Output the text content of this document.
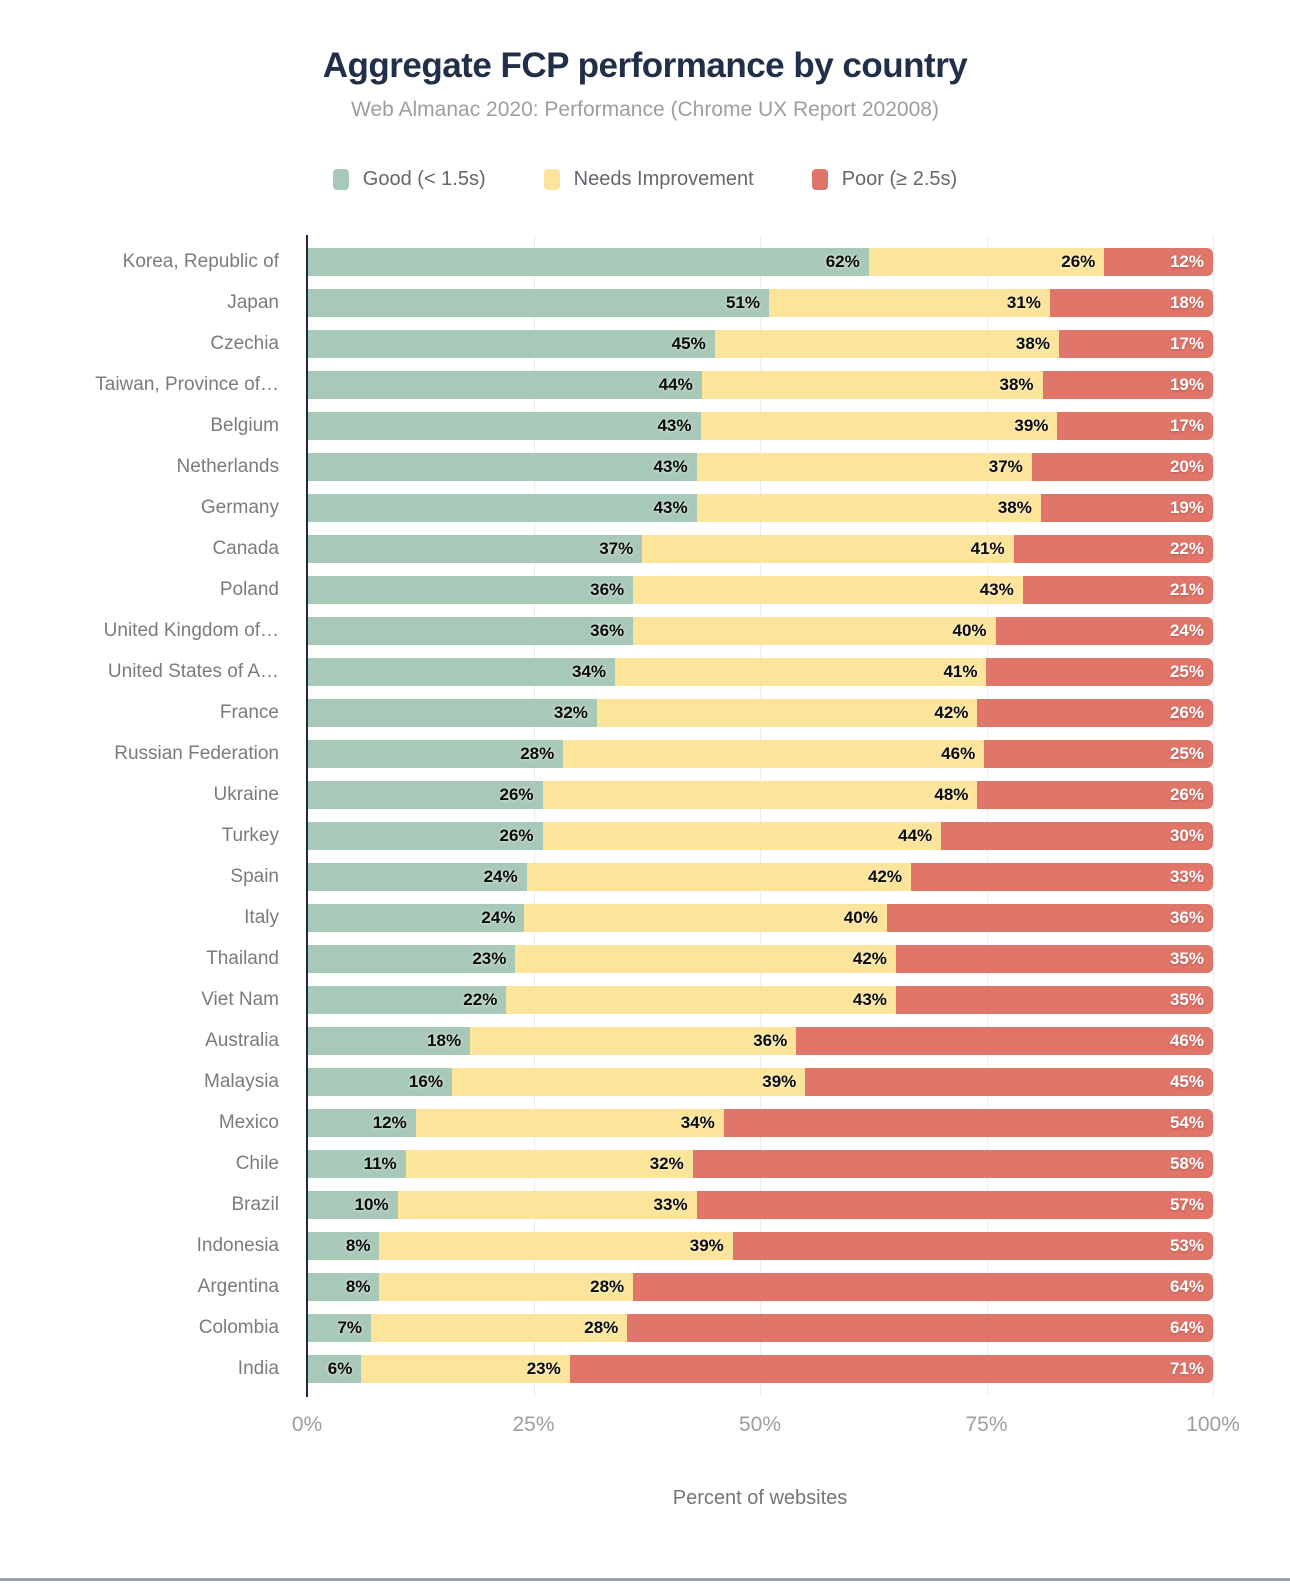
Aggregate FCP performance by country
Web Almanac 2020: Performance (Chrome UX Report 202008)
Good (< 1.5s)	Needs Improvement	Poor (≥ 2.5s)
Korea, Republic of	62%	26%	12%
Japan	51%	31%	18%
Czechia	45%	38%	17%
Taiwan, Province of…	44%	38%	19%
Belgium	43%	39%	17%
Netherlands	43%	37%	20%
Germany	43%	38%	19%
Canada	37%	41%	22%
Poland	36%	43%	21%
United Kingdom of…	36%	40%	24%
United States of A…	34%	41%	25%
France	32%	42%	26%
Russian Federation	28%	46%	25%
Ukraine	26%	48%	26%
Turkey	26%	44%	30%
Spain	24%	42%	33%
Italy	24%	40%	36%
Thailand	23%	42%	35%
Viet Nam	22%	43%	35%
Australia	18%	36%	46%
Malaysia	16%	39%	45%
Mexico	12%	34%	54%
Chile	11%	32%	58%
Brazil	10%	33%	57%
Indonesia	8%	39%	53%
Argentina	8%	28%	64%
Colombia	7%	28%	64%
India	6%	23%	71%
0%	25%	50%	75%	100%
Percent of websites
